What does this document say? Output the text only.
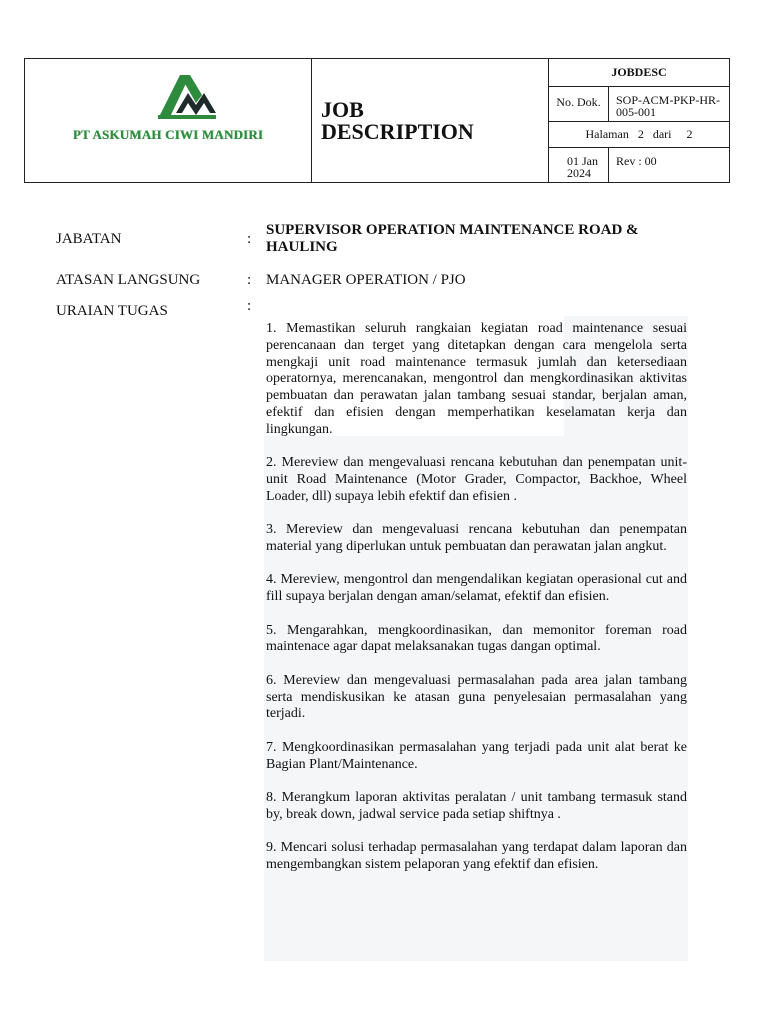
PT ASKUMAH CIWI MANDIRI
JOB DESCRIPTION
JOBDESC
No. Dok.	SOP-ACM-PKP-HR-005-001
Halaman   2   dari     2
01 Jan 2024
Rev : 00
JABATAN	:
SUPERVISOR OPERATION MAINTENANCE ROAD & HAULING
ATASAN LANGSUNG	: MANAGER OPERATION / PJO
URAIAN TUGAS	:

1. Memastikan seluruh rangkaian kegiatan road maintenance sesuai perencanaan dan terget yang ditetapkan dengan cara mengelola serta mengkaji unit road maintenance termasuk jumlah dan ketersediaan operatornya, merencanakan, mengontrol dan mengkordinasikan aktivitas pembuatan dan perawatan jalan tambang sesuai standar, berjalan aman, efektif dan efisien dengan memperhatikan keselamatan kerja dan lingkungan.

2. Mereview dan mengevaluasi rencana kebutuhan dan penempatan unit-unit Road Maintenance (Motor Grader, Compactor, Backhoe, Wheel Loader, dll) supaya lebih efektif dan efisien .

3. Mereview dan mengevaluasi rencana kebutuhan dan penempatan material yang diperlukan untuk pembuatan dan perawatan jalan angkut.

4. Mereview, mengontrol dan mengendalikan kegiatan operasional cut and fill supaya berjalan dengan aman/selamat, efektif dan efisien.

5. Mengarahkan, mengkoordinasikan, dan memonitor foreman road maintenace agar dapat melaksanakan tugas dangan optimal.

6. Mereview dan mengevaluasi permasalahan pada area jalan tambang serta mendiskusikan ke atasan guna penyelesaian permasalahan yang terjadi.

7. Mengkoordinasikan permasalahan yang terjadi pada unit alat berat ke Bagian Plant/Maintenance.

8. Merangkum laporan aktivitas peralatan / unit tambang termasuk stand by, break down, jadwal service pada setiap shiftnya .

9. Mencari solusi terhadap permasalahan yang terdapat dalam laporan dan mengembangkan sistem pelaporan yang efektif dan efisien.
